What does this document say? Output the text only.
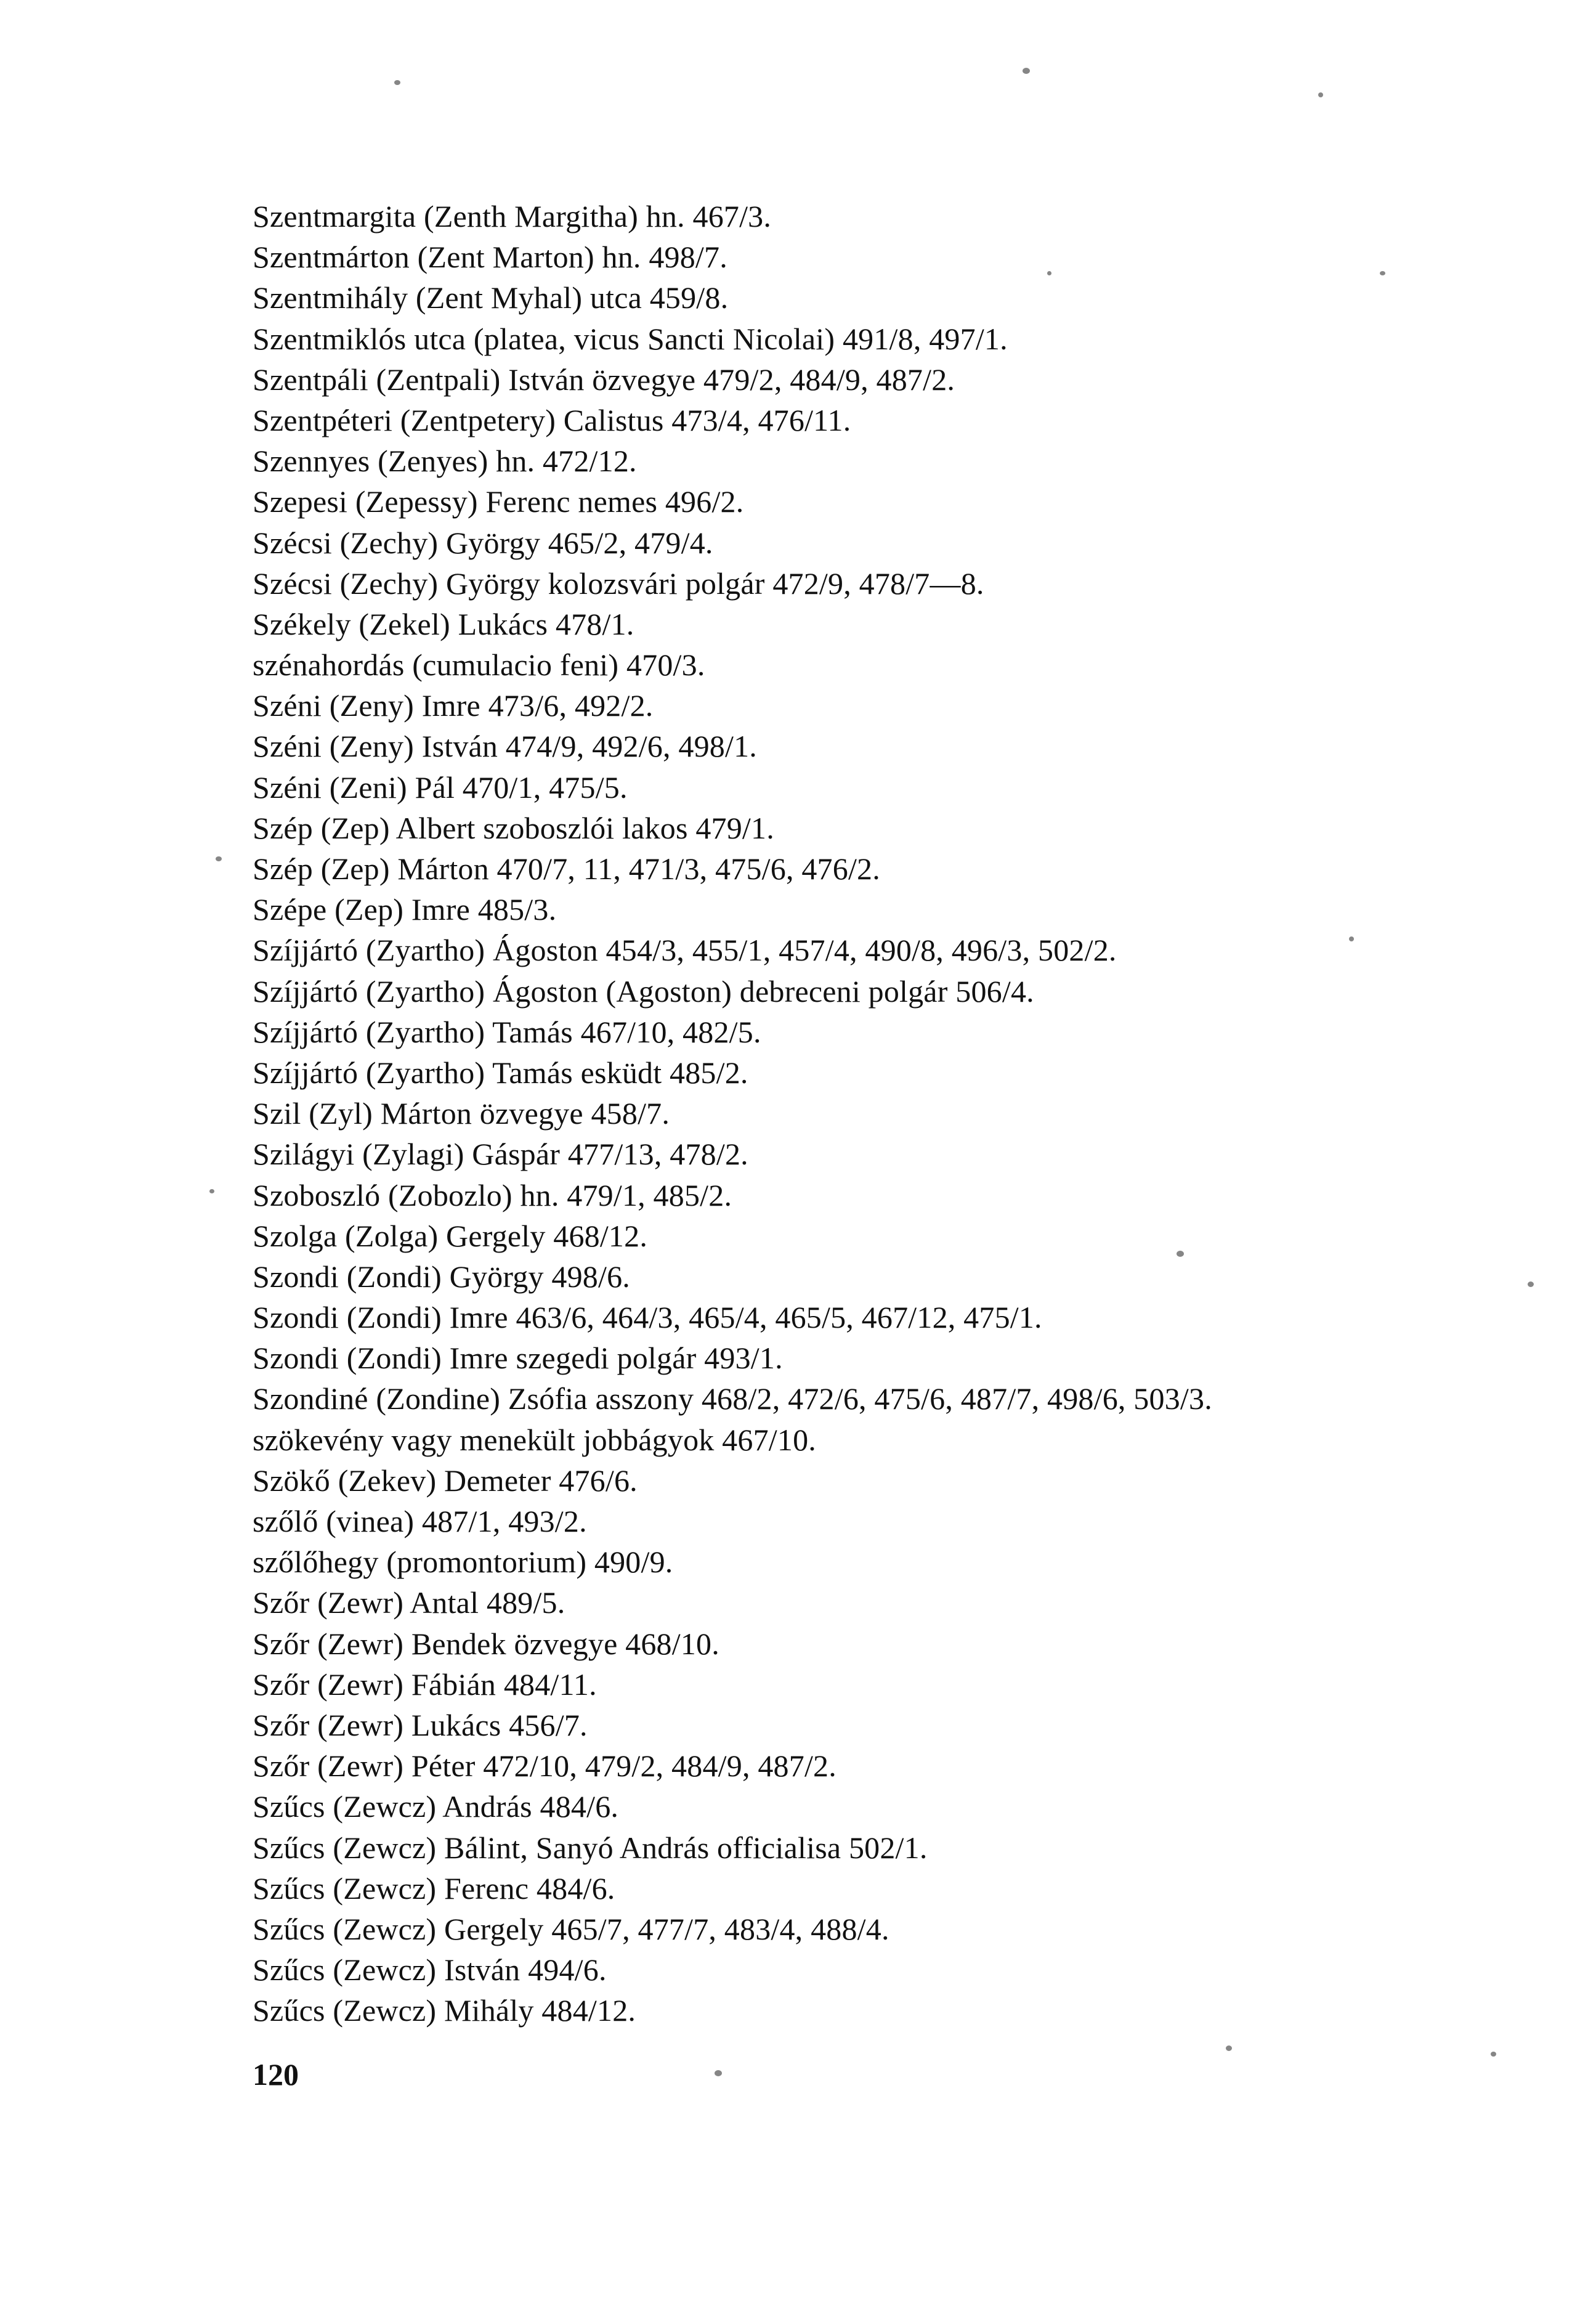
Szentmargita (Zenth Margitha) hn. 467/3.
Szentmárton (Zent Marton) hn. 498/7.
Szentmihály (Zent Myhal) utca 459/8.
Szentmiklós utca (platea, vicus Sancti Nicolai) 491/8, 497/1.
Szentpáli (Zentpali) István özvegye 479/2, 484/9, 487/2.
Szentpéteri (Zentpetery) Calistus 473/4, 476/11.
Szennyes (Zenyes) hn. 472/12.
Szepesi (Zepessy) Ferenc nemes 496/2.
Szécsi (Zechy) György 465/2, 479/4.
Szécsi (Zechy) György kolozsvári polgár 472/9, 478/7—8.
Székely (Zekel) Lukács 478/1.
szénahordás (cumulacio feni) 470/3.
Széni (Zeny) Imre 473/6, 492/2.
Széni (Zeny) István 474/9, 492/6, 498/1.
Széni (Zeni) Pál 470/1, 475/5.
Szép (Zep) Albert szoboszlói lakos 479/1.
Szép (Zep) Márton 470/7, 11, 471/3, 475/6, 476/2.
Szépe (Zep) Imre 485/3.
Szíjjártó (Zyartho) Ágoston 454/3, 455/1, 457/4, 490/8, 496/3, 502/2.
Szíjjártó (Zyartho) Ágoston (Agoston) debreceni polgár 506/4.
Szíjjártó (Zyartho) Tamás 467/10, 482/5.
Szíjjártó (Zyartho) Tamás esküdt 485/2.
Szil (Zyl) Márton özvegye 458/7.
Szilágyi (Zylagi) Gáspár 477/13, 478/2.
Szoboszló (Zobozlo) hn. 479/1, 485/2.
Szolga (Zolga) Gergely 468/12.
Szondi (Zondi) György 498/6.
Szondi (Zondi) Imre 463/6, 464/3, 465/4, 465/5, 467/12, 475/1.
Szondi (Zondi) Imre szegedi polgár 493/1.
Szondiné (Zondine) Zsófia asszony 468/2, 472/6, 475/6, 487/7, 498/6, 503/3.
szökevény vagy menekült jobbágyok 467/10.
Szökő (Zekev) Demeter 476/6.
szőlő (vinea) 487/1, 493/2.
szőlőhegy (promontorium) 490/9.
Szőr (Zewr) Antal 489/5.
Szőr (Zewr) Bendek özvegye 468/10.
Szőr (Zewr) Fábián 484/11.
Szőr (Zewr) Lukács 456/7.
Szőr (Zewr) Péter 472/10, 479/2, 484/9, 487/2.
Szűcs (Zewcz) András 484/6.
Szűcs (Zewcz) Bálint, Sanyó András officialisa 502/1.
Szűcs (Zewcz) Ferenc 484/6.
Szűcs (Zewcz) Gergely 465/7, 477/7, 483/4, 488/4.
Szűcs (Zewcz) István 494/6.
Szűcs (Zewcz) Mihály 484/12.
120
